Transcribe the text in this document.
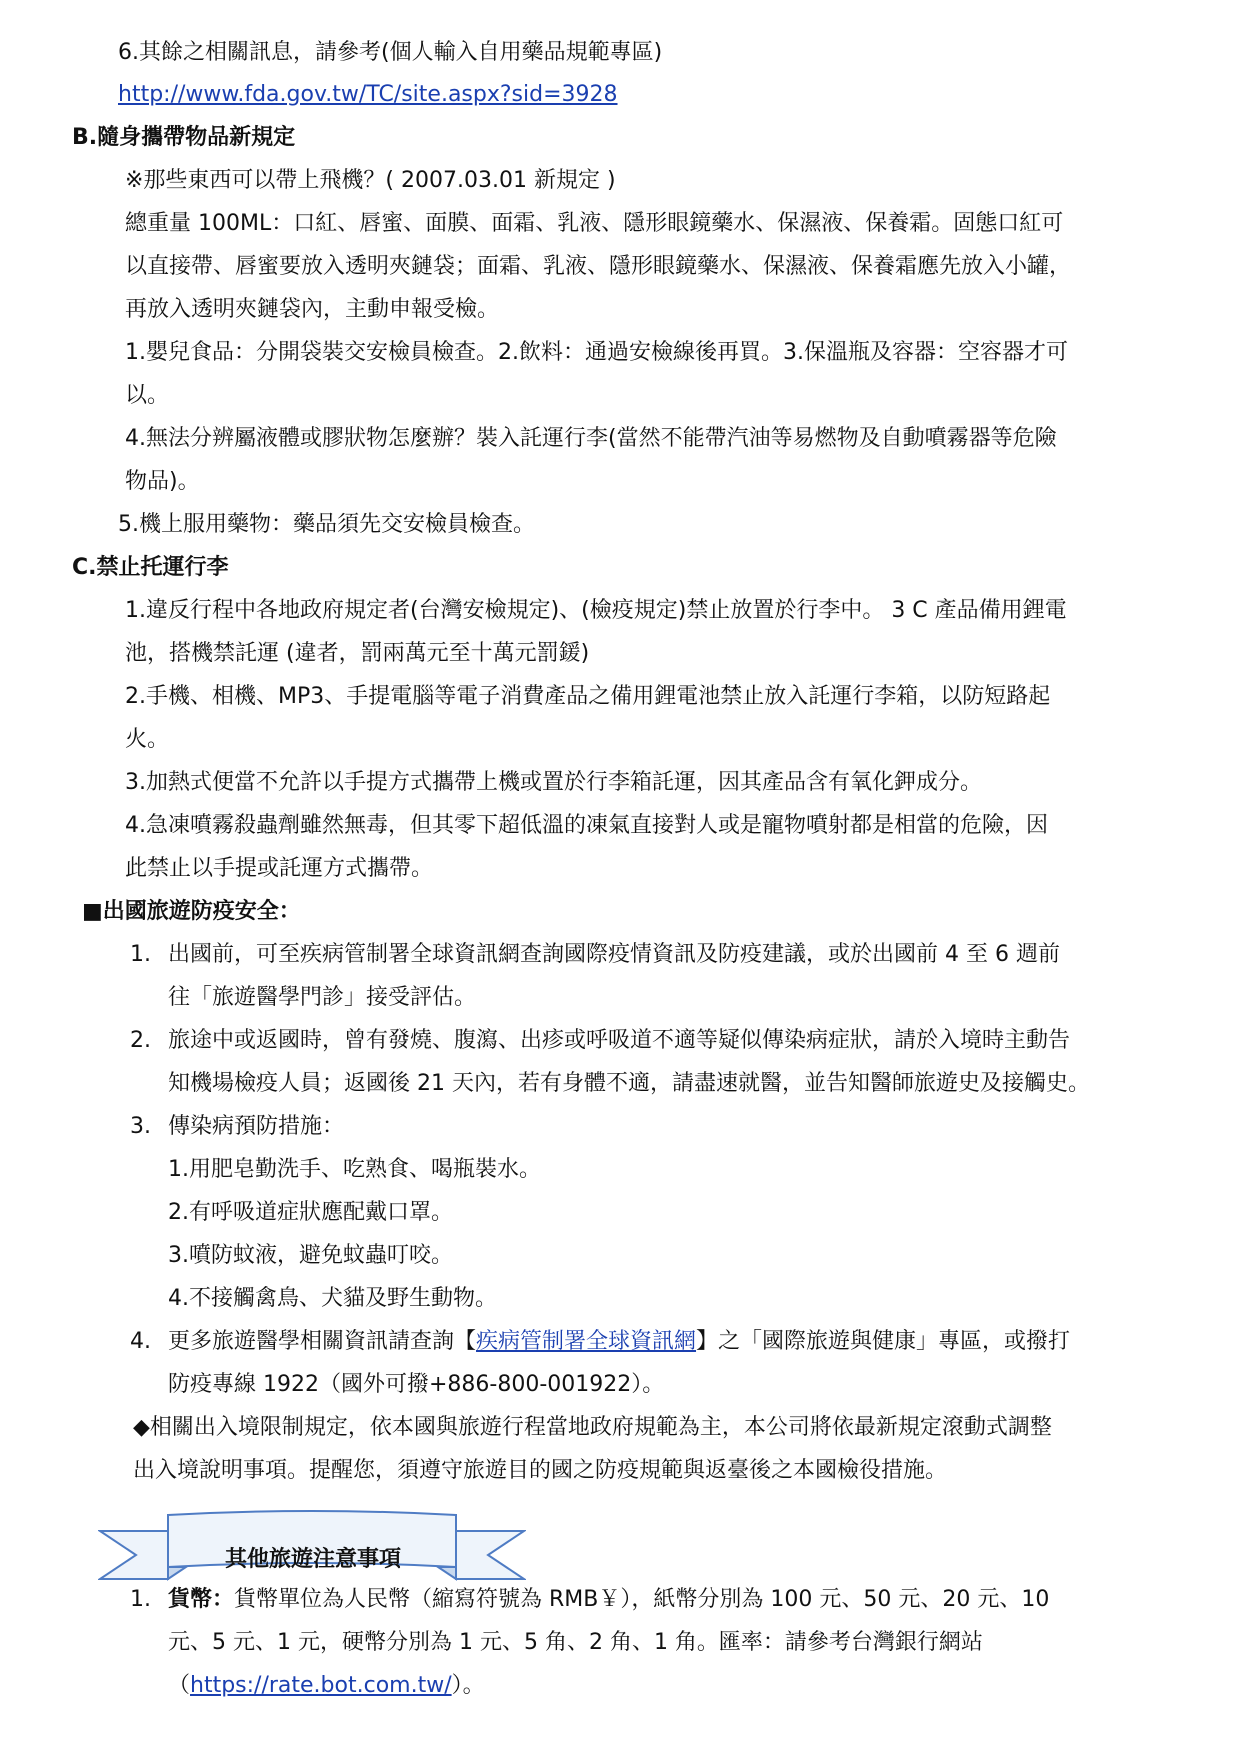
6.其餘之相關訊息，請參考(個人輸入自用藥品規範專區)
http://www.fda.gov.tw/TC/site.aspx?sid=3928
B.隨身攜帶物品新規定
※那些東西可以帶上飛機？( 2007.03.01 新規定 )
總重量 100ML：口紅、唇蜜、面膜、面霜、乳液、隱形眼鏡藥水、保濕液、保養霜。固態口紅可
以直接帶、唇蜜要放入透明夾鏈袋；面霜、乳液、隱形眼鏡藥水、保濕液、保養霜應先放入小罐，
再放入透明夾鏈袋內，主動申報受檢。
1.嬰兒食品：分開袋裝交安檢員檢查。2.飲料：通過安檢線後再買。3.保溫瓶及容器：空容器才可
以。
4.無法分辨屬液體或膠狀物怎麼辦？裝入託運行李(當然不能帶汽油等易燃物及自動噴霧器等危險
物品)。
5.機上服用藥物：藥品須先交安檢員檢查。
C.禁止托運行李
1.違反行程中各地政府規定者(台灣安檢規定)、(檢疫規定)禁止放置於行李中。 3 C 產品備用鋰電
池，搭機禁託運 (違者，罰兩萬元至十萬元罰鍰)
2.手機、相機、MP3、手提電腦等電子消費產品之備用鋰電池禁止放入託運行李箱，以防短路起
火。
3.加熱式便當不允許以手提方式攜帶上機或置於行李箱託運，因其產品含有氧化鉀成分。
4.急凍噴霧殺蟲劑雖然無毒，但其零下超低溫的凍氣直接對人或是寵物噴射都是相當的危險，因
此禁止以手提或託運方式攜帶。
■出國旅遊防疫安全：
1. 出國前，可至疾病管制署全球資訊網查詢國際疫情資訊及防疫建議，或於出國前 4 至 6 週前
往「旅遊醫學門診」接受評估。
2. 旅途中或返國時，曾有發燒、腹瀉、出疹或呼吸道不適等疑似傳染病症狀，請於入境時主動告
知機場檢疫人員；返國後 21 天內，若有身體不適，請盡速就醫，並告知醫師旅遊史及接觸史。
3. 傳染病預防措施：
1.用肥皂勤洗手、吃熟食、喝瓶裝水。
2.有呼吸道症狀應配戴口罩。
3.噴防蚊液，避免蚊蟲叮咬。
4.不接觸禽鳥、犬貓及野生動物。
4. 更多旅遊醫學相關資訊請查詢【疾病管制署全球資訊網】之「國際旅遊與健康」專區，或撥打
防疫專線 1922（國外可撥+886-800-001922）。
◆相關出入境限制規定，依本國與旅遊行程當地政府規範為主，本公司將依最新規定滾動式調整
出入境說明事項。提醒您，須遵守旅遊目的國之防疫規範與返臺後之本國檢役措施。
其他旅遊注意事項
1. 貨幣：貨幣單位為人民幣（縮寫符號為 RMB￥），紙幣分別為 100 元、50 元、20 元、10
元、5 元、1 元，硬幣分別為 1 元、5 角、2 角、1 角。匯率：請參考台灣銀行網站
（https://rate.bot.com.tw/）。
